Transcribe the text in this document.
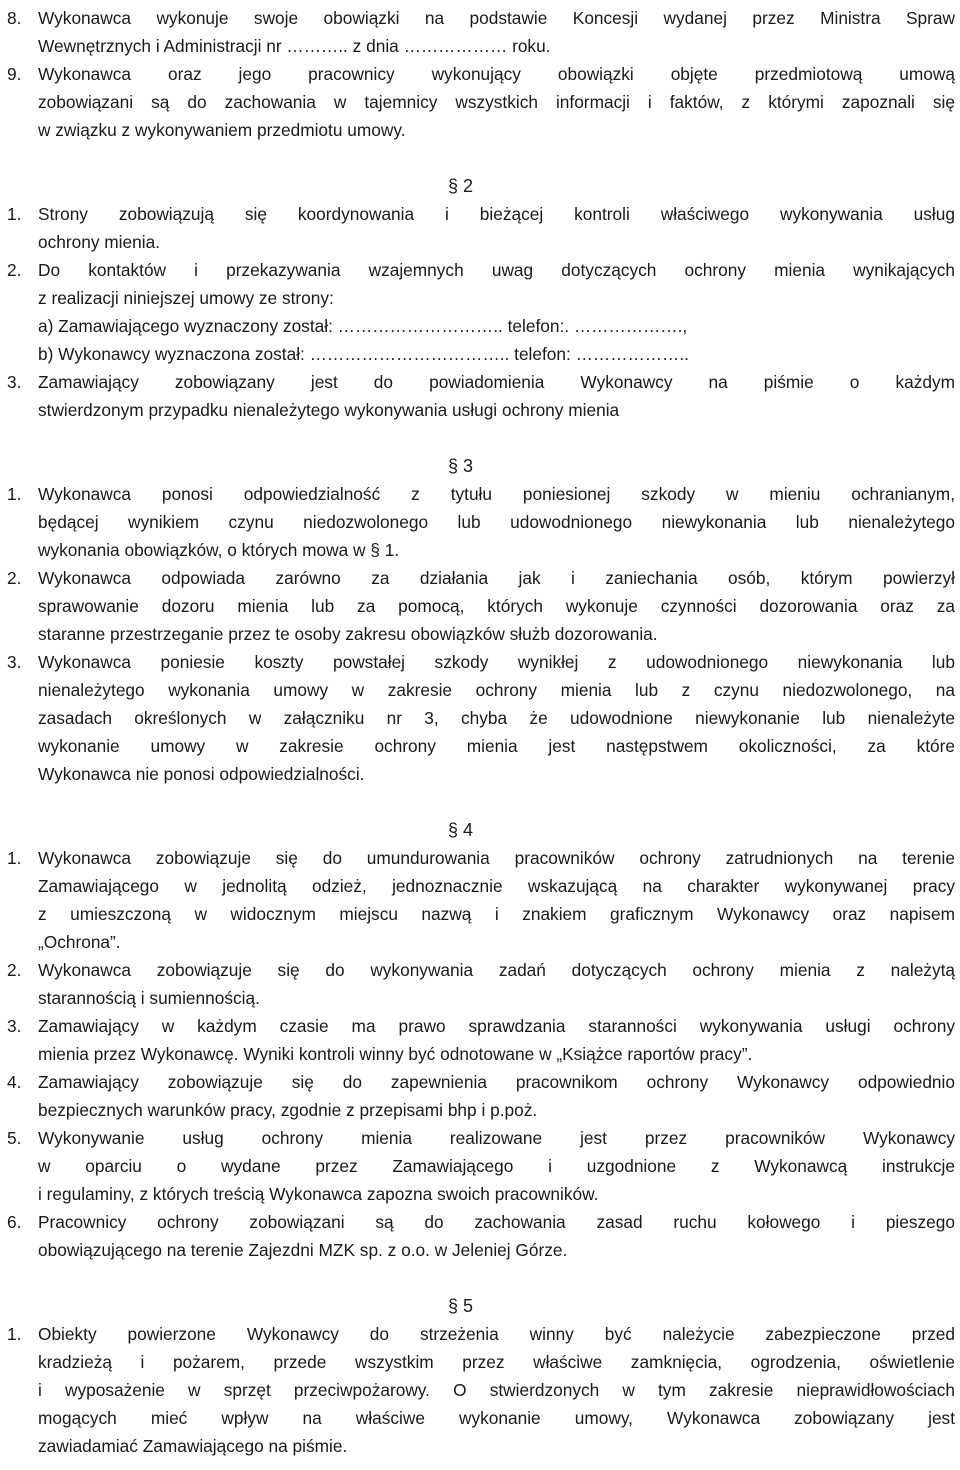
8. Wykonawca wykonuje swoje obowiązki na podstawie Koncesji wydanej przez Ministra Spraw
Wewnętrznych i Administracji nr ……….. z dnia ……………… roku.
9. Wykonawca oraz jego pracownicy wykonujący obowiązki objęte przedmiotową umową
zobowiązani są do zachowania w tajemnicy wszystkich informacji i faktów, z którymi zapoznali się
w związku z wykonywaniem przedmiotu umowy.
§ 2
1. Strony zobowiązują się koordynowania i bieżącej kontroli właściwego wykonywania usług
ochrony mienia.
2. Do kontaktów i przekazywania wzajemnych uwag dotyczących ochrony mienia wynikających
z realizacji niniejszej umowy ze strony:
a) Zamawiającego wyznaczony został: ……………………….. telefon:. ……………….,
b) Wykonawcy wyznaczona został: …………………………….. telefon: ………………..
3. Zamawiający zobowiązany jest do powiadomienia Wykonawcy na piśmie o każdym
stwierdzonym przypadku nienależytego wykonywania usługi ochrony mienia
§ 3
1. Wykonawca ponosi odpowiedzialność z tytułu poniesionej szkody w mieniu ochranianym,
będącej wynikiem czynu niedozwolonego lub udowodnionego niewykonania lub nienależytego
wykonania obowiązków, o których mowa w § 1.
2. Wykonawca odpowiada zarówno za działania jak i zaniechania osób, którym powierzył
sprawowanie dozoru mienia lub za pomocą, których wykonuje czynności dozorowania oraz za
staranne przestrzeganie przez te osoby zakresu obowiązków służb dozorowania.
3. Wykonawca poniesie koszty powstałej szkody wynikłej z udowodnionego niewykonania lub
nienależytego wykonania umowy w zakresie ochrony mienia lub z czynu niedozwolonego, na
zasadach określonych w załączniku nr 3, chyba że udowodnione niewykonanie lub nienależyte
wykonanie umowy w zakresie ochrony mienia jest następstwem okoliczności, za które
Wykonawca nie ponosi odpowiedzialności.
§ 4
1. Wykonawca zobowiązuje się do umundurowania pracowników ochrony zatrudnionych na terenie
Zamawiającego w jednolitą odzież, jednoznacznie wskazującą na charakter wykonywanej pracy
z umieszczoną w widocznym miejscu nazwą i znakiem graficznym Wykonawcy oraz napisem
„Ochrona”.
2. Wykonawca zobowiązuje się do wykonywania zadań dotyczących ochrony mienia z należytą
starannością i sumiennością.
3. Zamawiający w każdym czasie ma prawo sprawdzania staranności wykonywania usługi ochrony
mienia przez Wykonawcę. Wyniki kontroli winny być odnotowane w „Książce raportów pracy”.
4. Zamawiający zobowiązuje się do zapewnienia pracownikom ochrony Wykonawcy odpowiednio
bezpiecznych warunków pracy, zgodnie z przepisami bhp i p.poż.
5. Wykonywanie usług ochrony mienia realizowane jest przez pracowników Wykonawcy
w oparciu o wydane przez Zamawiającego i uzgodnione z Wykonawcą instrukcje
i regulaminy, z których treścią Wykonawca zapozna swoich pracowników.
6. Pracownicy ochrony zobowiązani są do zachowania zasad ruchu kołowego i pieszego
obowiązującego na terenie Zajezdni MZK sp. z o.o. w Jeleniej Górze.
§ 5
1. Obiekty powierzone Wykonawcy do strzeżenia winny być należycie zabezpieczone przed
kradzieżą i pożarem, przede wszystkim przez właściwe zamknięcia, ogrodzenia, oświetlenie
i wyposażenie w sprzęt przeciwpożarowy. O stwierdzonych w tym zakresie nieprawidłowościach
mogących mieć wpływ na właściwe wykonanie umowy, Wykonawca zobowiązany jest
zawiadamiać Zamawiającego na piśmie.
